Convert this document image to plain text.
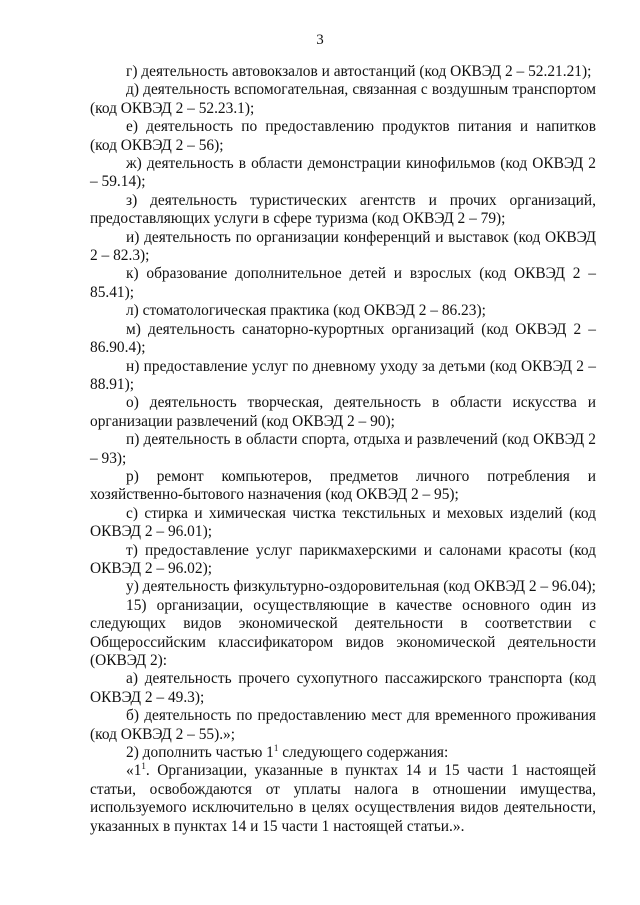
3

г) деятельность автовокзалов и автостанций (код ОКВЭД 2 – 52.21.21);

д) деятельность вспомогательная, связанная с воздушным транспортом (код ОКВЭД 2 – 52.23.1);

е) деятельность по предоставлению продуктов питания и напитков (код ОКВЭД 2 – 56);

ж) деятельность в области демонстрации кинофильмов (код ОКВЭД 2 – 59.14);

з) деятельность туристических агентств и прочих организаций, предоставляющих услуги в сфере туризма (код ОКВЭД 2 – 79);

и) деятельность по организации конференций и выставок (код ОКВЭД 2 – 82.3);

к) образование дополнительное детей и взрослых (код ОКВЭД 2 – 85.41);

л) стоматологическая практика (код ОКВЭД 2 – 86.23);

м) деятельность санаторно-курортных организаций (код ОКВЭД 2 – 86.90.4);

н) предоставление услуг по дневному уходу за детьми (код ОКВЭД 2 – 88.91);

о) деятельность творческая, деятельность в области искусства и организации развлечений (код ОКВЭД 2 – 90);

п) деятельность в области спорта, отдыха и развлечений (код ОКВЭД 2 – 93);

р) ремонт компьютеров, предметов личного потребления и хозяйственно-бытового назначения (код ОКВЭД 2 – 95);

с) стирка и химическая чистка текстильных и меховых изделий (код ОКВЭД 2 – 96.01);

т) предоставление услуг парикмахерскими и салонами красоты (код ОКВЭД 2 – 96.02);

у) деятельность физкультурно-оздоровительная (код ОКВЭД 2 – 96.04);

15) организации, осуществляющие в качестве основного один из следующих видов экономической деятельности в соответствии с Общероссийским классификатором видов экономической деятельности (ОКВЭД 2):

а) деятельность прочего сухопутного пассажирского транспорта (код ОКВЭД 2 – 49.3);

б) деятельность по предоставлению мест для временного проживания (код ОКВЭД 2 – 55).»;

2) дополнить частью $1^1$ следующего содержания:

«$1^1$. Организации, указанные в пунктах 14 и 15 части 1 настоящей статьи, освобождаются от уплаты налога в отношении имущества, используемого исключительно в целях осуществления видов деятельности, указанных в пунктах 14 и 15 части 1 настоящей статьи.».
